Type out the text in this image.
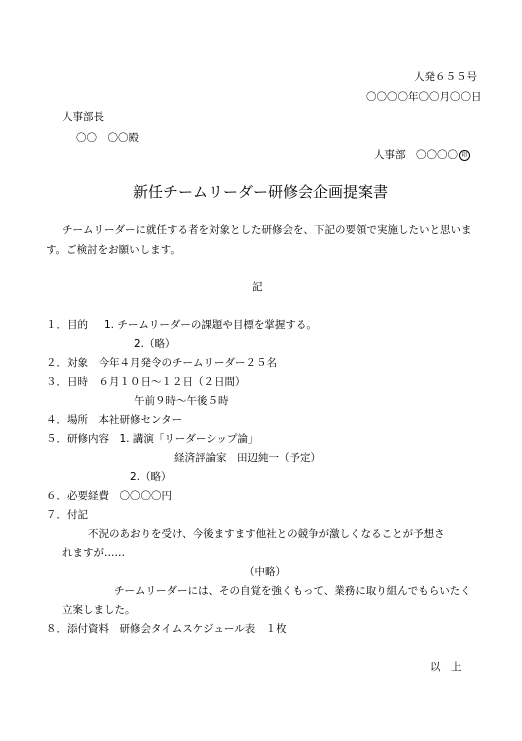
人発６５５号
〇〇〇〇年〇〇月〇〇日
人事部長
〇〇　〇〇殿
人事部　〇〇〇〇 印
新任チームリーダー研修会企画提案書
チームリーダーに就任する者を対象とした研修会を、下記の要領で実施したいと思いま
す。ご検討をお願いします。
記
１．目的 1. チームリーダーの課題や目標を掌握する。
2.（略）
２．対象　今年４月発令のチームリーダー２５名
３．日時　６月１０日～１２日（２日間）
午前９時～午後５時
４．場所　本社研修センター
５．研修内容　1. 講演「リーダーシップ論」
経済評論家　田辺純一（予定）
2.（略）
６．必要経費　〇〇〇〇円
７．付記
不況のあおりを受け、今後ますます他社との競争が激しくなることが予想さ
れますが……
（中略）
チームリーダーには、その自覚を強くもって、業務に取り組んでもらいたく
立案しました。
８．添付資料　研修会タイムスケジュール表　１枚
以　上
